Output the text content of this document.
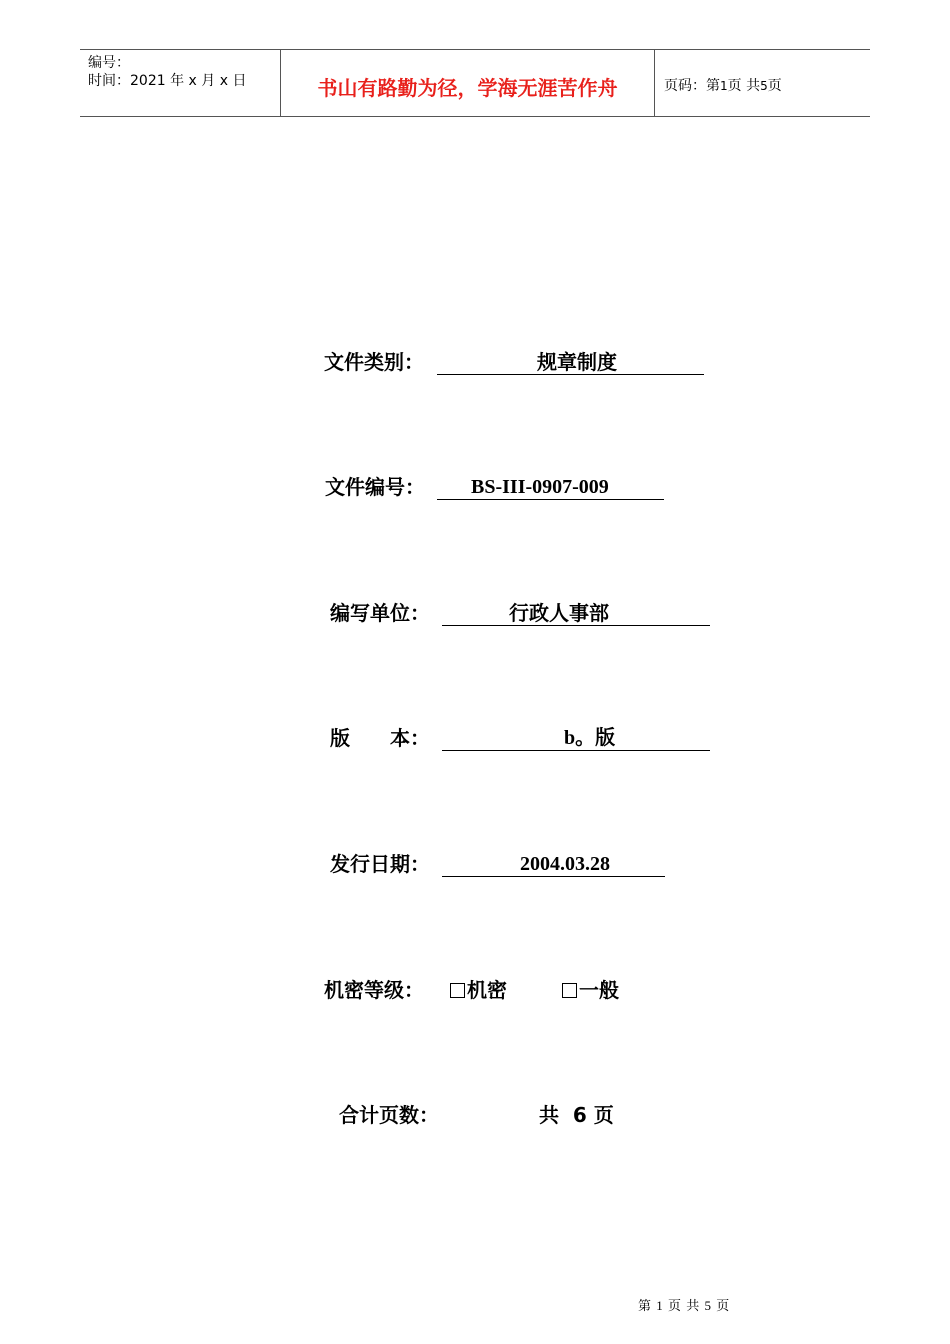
编号：
时间：2021 年 x 月 x 日	书山有路勤为径，学海无涯苦作舟	页码：第1页 共5页
文件类别：	规章制度
文件编号： BS-III-0907-009
编写单位：	行政人事部
版　　本：	b。版
发行日期：	2004.03.28
机密等级：	机密	一般
合计页数：	共  6 页
第 1 页 共 5 页
